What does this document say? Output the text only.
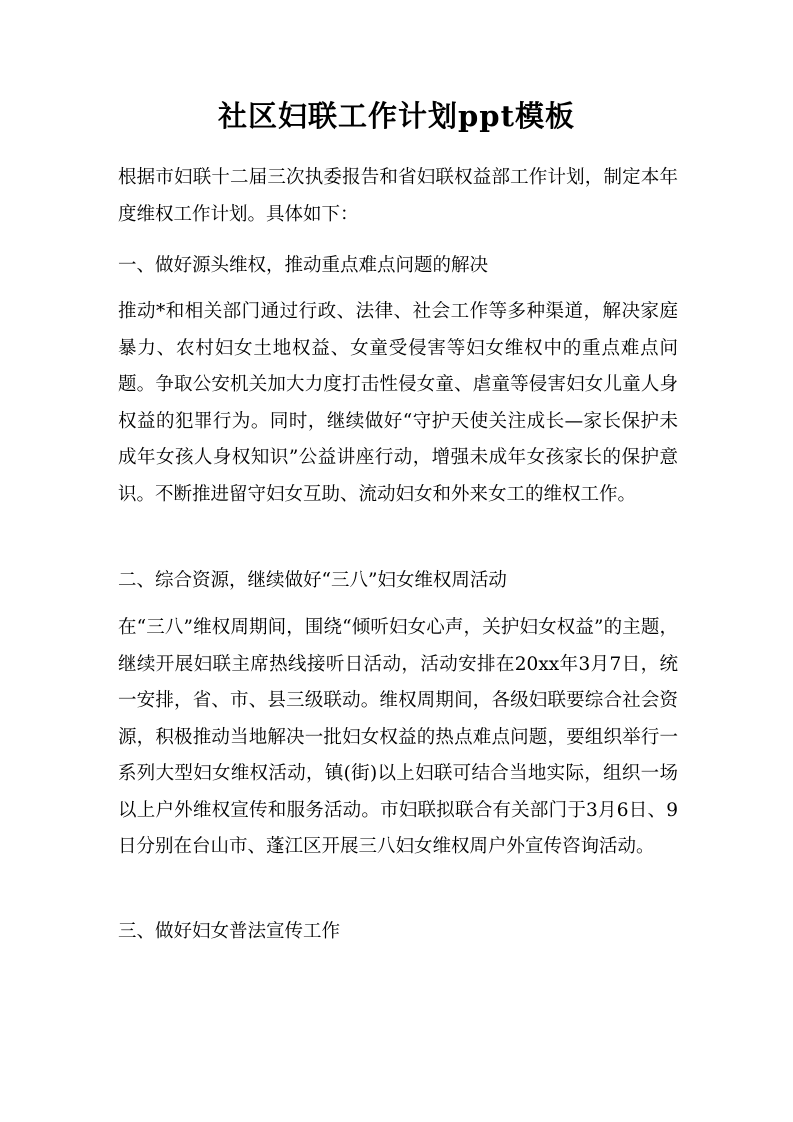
社区妇联工作计划ppt模板

根据市妇联十二届三次执委报告和省妇联权益部工作计划，制定本年度维权工作计划。具体如下：

一、做好源头维权，推动重点难点问题的解决

推动*和相关部门通过行政、法律、社会工作等多种渠道，解决家庭暴力、农村妇女土地权益、女童受侵害等妇女维权中的重点难点问题。争取公安机关加大力度打击性侵女童、虐童等侵害妇女儿童人身权益的犯罪行为。同时，继续做好“守护天使关注成长—家长保护未成年女孩人身权知识”公益讲座行动，增强未成年女孩家长的保护意识。不断推进留守妇女互助、流动妇女和外来女工的维权工作。

二、综合资源，继续做好“三八”妇女维权周活动

在“三八”维权周期间，围绕“倾听妇女心声，关护妇女权益”的主题，继续开展妇联主席热线接听日活动，活动安排在20xx年3月7日，统一安排，省、市、县三级联动。维权周期间，各级妇联要综合社会资源，积极推动当地解决一批妇女权益的热点难点问题，要组织举行一系列大型妇女维权活动，镇(街)以上妇联可结合当地实际，组织一场以上户外维权宣传和服务活动。市妇联拟联合有关部门于3月6日、9日分别在台山市、蓬江区开展三八妇女维权周户外宣传咨询活动。

三、做好妇女普法宣传工作
